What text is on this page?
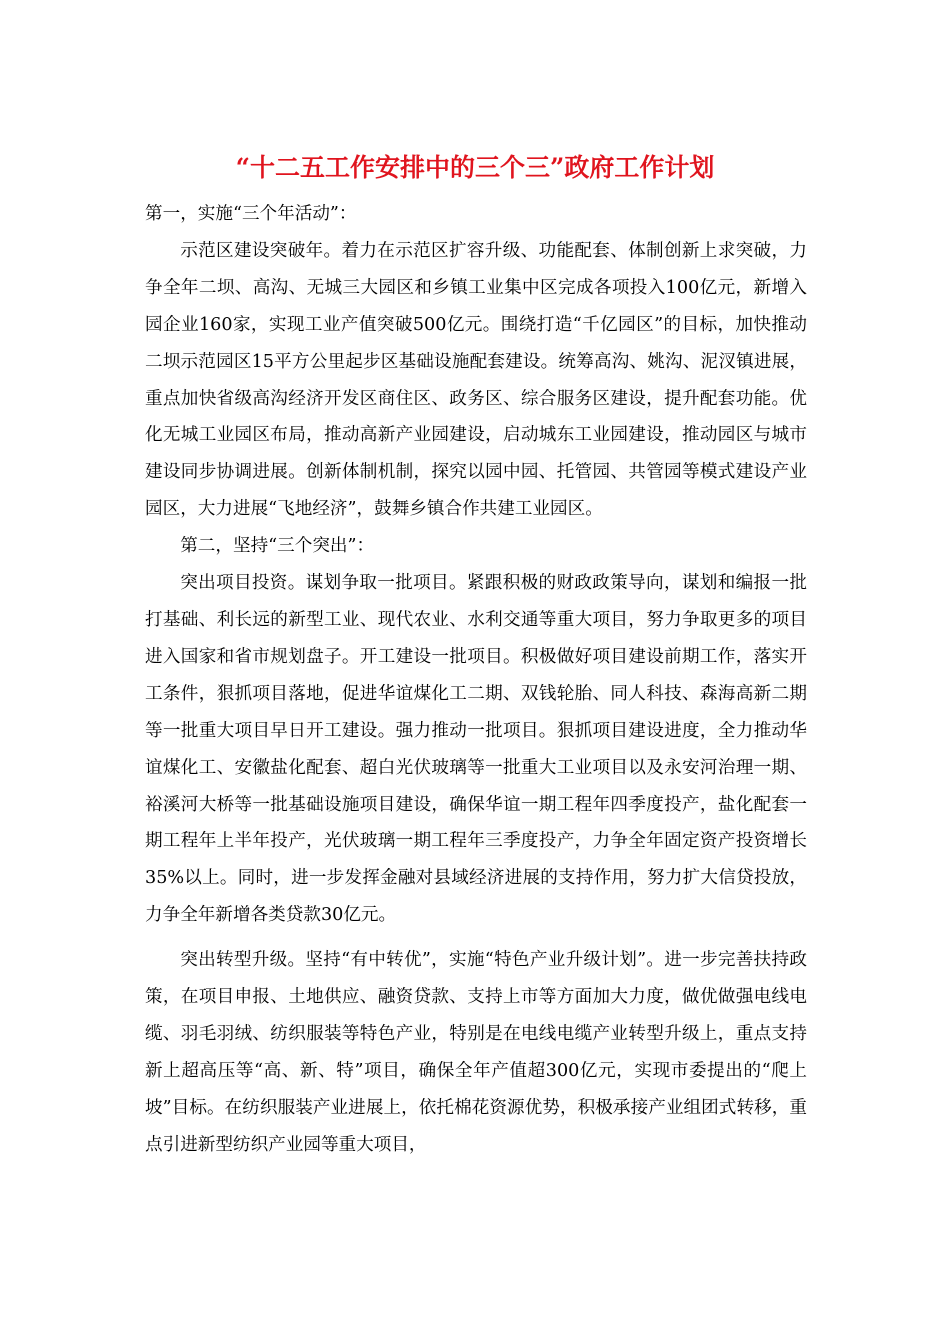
“十二五工作安排中的三个三”政府工作计划

第一，实施“三个年活动”：

示范区建设突破年。着力在示范区扩容升级、功能配套、体制创新上求突破，力争全年二坝、高沟、无城三大园区和乡镇工业集中区完成各项投入100亿元，新增入园企业160家，实现工业产值突破500亿元。围绕打造“千亿园区”的目标，加快推动二坝示范园区15平方公里起步区基础设施配套建设。统筹高沟、姚沟、泥汊镇进展，重点加快省级高沟经济开发区商住区、政务区、综合服务区建设，提升配套功能。优化无城工业园区布局，推动高新产业园建设，启动城东工业园建设，推动园区与城市建设同步协调进展。创新体制机制，探究以园中园、托管园、共管园等模式建设产业园区，大力进展“飞地经济”，鼓舞乡镇合作共建工业园区。

第二，坚持“三个突出”：

突出项目投资。谋划争取一批项目。紧跟积极的财政政策导向，谋划和编报一批打基础、利长远的新型工业、现代农业、水利交通等重大项目，努力争取更多的项目进入国家和省市规划盘子。开工建设一批项目。积极做好项目建设前期工作，落实开工条件，狠抓项目落地，促进华谊煤化工二期、双钱轮胎、同人科技、森海高新二期等一批重大项目早日开工建设。强力推动一批项目。狠抓项目建设进度，全力推动华谊煤化工、安徽盐化配套、超白光伏玻璃等一批重大工业项目以及永安河治理一期、裕溪河大桥等一批基础设施项目建设，确保华谊一期工程年四季度投产，盐化配套一期工程年上半年投产，光伏玻璃一期工程年三季度投产，力争全年固定资产投资增长35%以上。同时，进一步发挥金融对县域经济进展的支持作用，努力扩大信贷投放，力争全年新增各类贷款30亿元。

突出转型升级。坚持“有中转优”，实施“特色产业升级计划”。进一步完善扶持政策，在项目申报、土地供应、融资贷款、支持上市等方面加大力度，做优做强电线电缆、羽毛羽绒、纺织服装等特色产业，特别是在电线电缆产业转型升级上，重点支持新上超高压等“高、新、特”项目，确保全年产值超300亿元，实现市委提出的“爬上坡”目标。在纺织服装产业进展上，依托棉花资源优势，积极承接产业组团式转移，重点引进新型纺织产业园等重大项目，
